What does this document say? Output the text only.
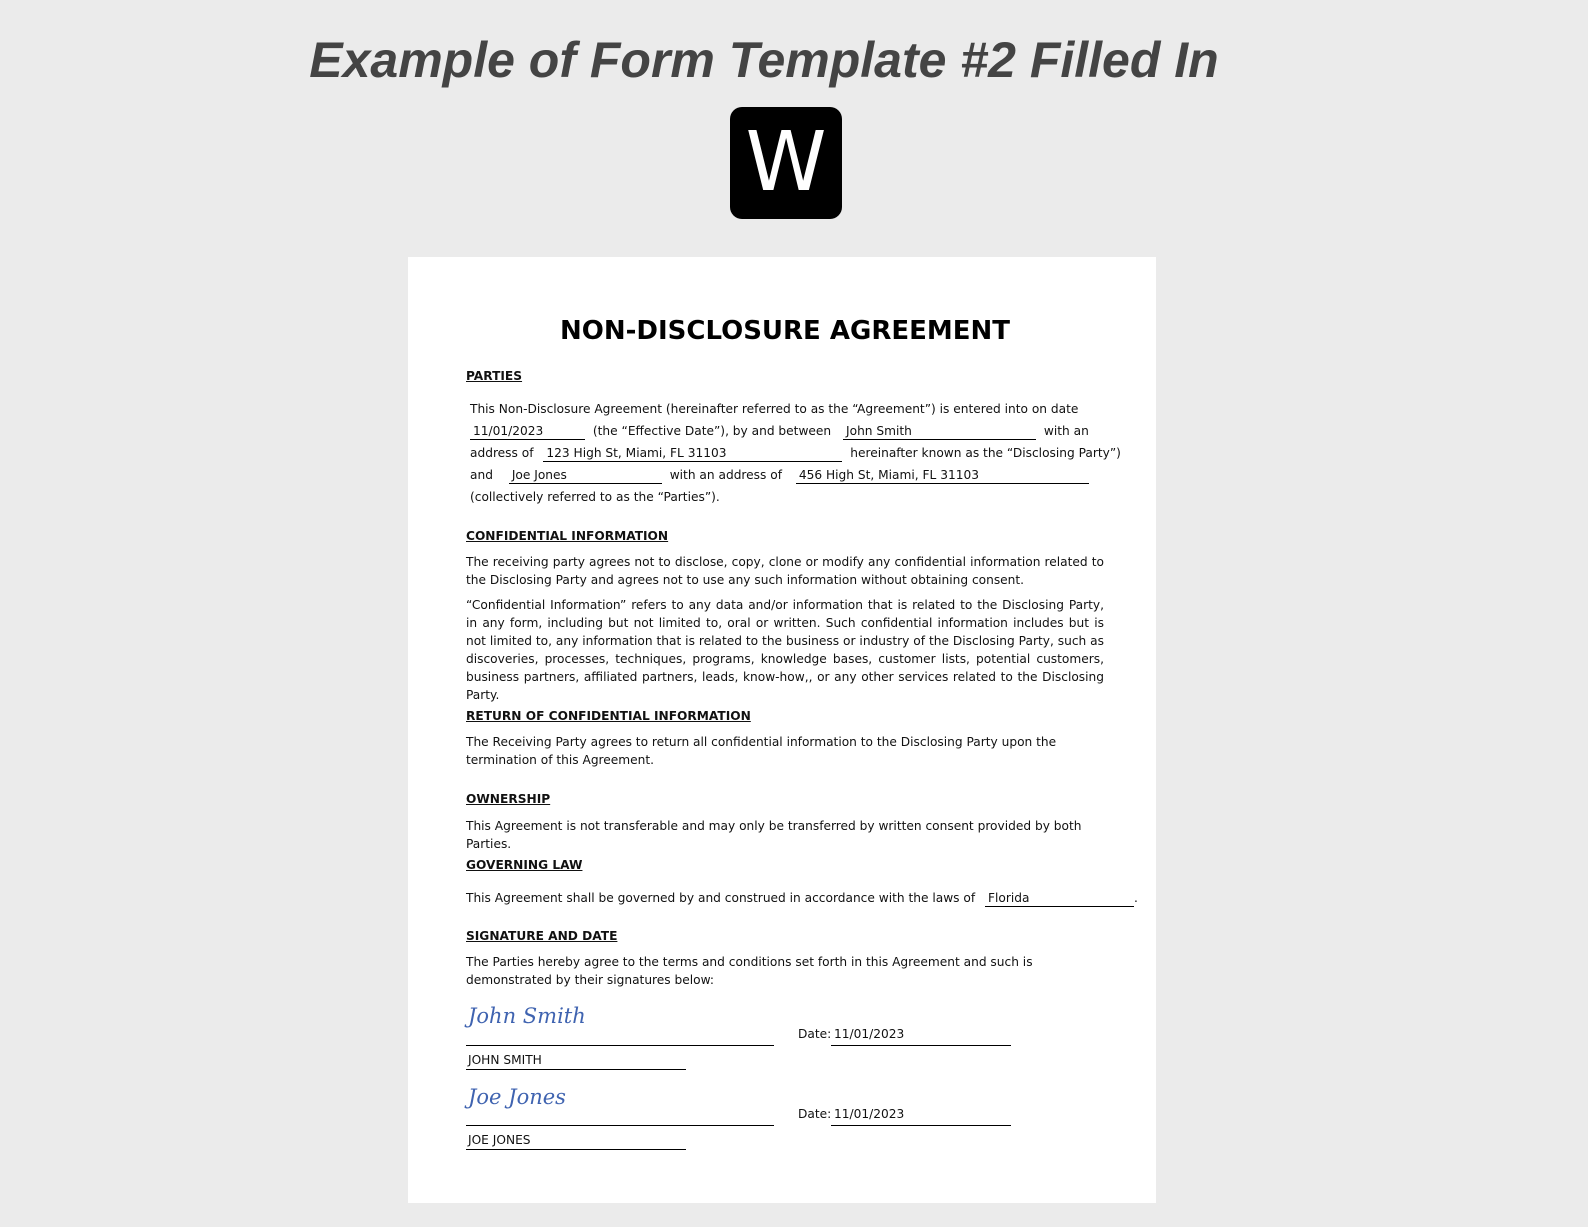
Example of Form Template #2 Filled In
W
NON-DISCLOSURE AGREEMENT
PARTIES
This Non-Disclosure Agreement (hereinafter referred to as the “Agreement”) is entered into on date
11/01/2023	(the “Effective Date”), by and between John Smith	with an
address of 123 High St, Miami, FL 31103	hereinafter known as the “Disclosing Party”)
and Joe Jones	with an address of 456 High St, Miami, FL 31103
(collectively referred to as the “Parties”).
CONFIDENTIAL INFORMATION

The receiving party agrees not to disclose, copy, clone or modify any confidential information related to the Disclosing Party and agrees not to use any such information without obtaining consent.

“Confidential Information” refers to any data and/or information that is related to the Disclosing Party, in any form, including but not limited to, oral or written. Such confidential information includes but is not limited to, any information that is related to the business or industry of the Disclosing Party, such as discoveries, processes, techniques, programs, knowledge bases, customer lists, potential customers, business partners, affiliated partners, leads, know-how,, or any other services related to the Disclosing Party.

RETURN OF CONFIDENTIAL INFORMATION

The Receiving Party agrees to return all confidential information to the Disclosing Party upon the termination of this Agreement.

OWNERSHIP

This Agreement is not transferable and may only be transferred by written consent provided by both Parties.

GOVERNING LAW
This Agreement shall be governed by and construed in accordance with the laws of Florida	.
SIGNATURE AND DATE

The Parties hereby agree to the terms and conditions set forth in this Agreement and such is demonstrated by their signatures below:

John Smith
JOHN SMITH
Date: 11/01/2023
Joe Jones
JOE JONES
Date: 11/01/2023
